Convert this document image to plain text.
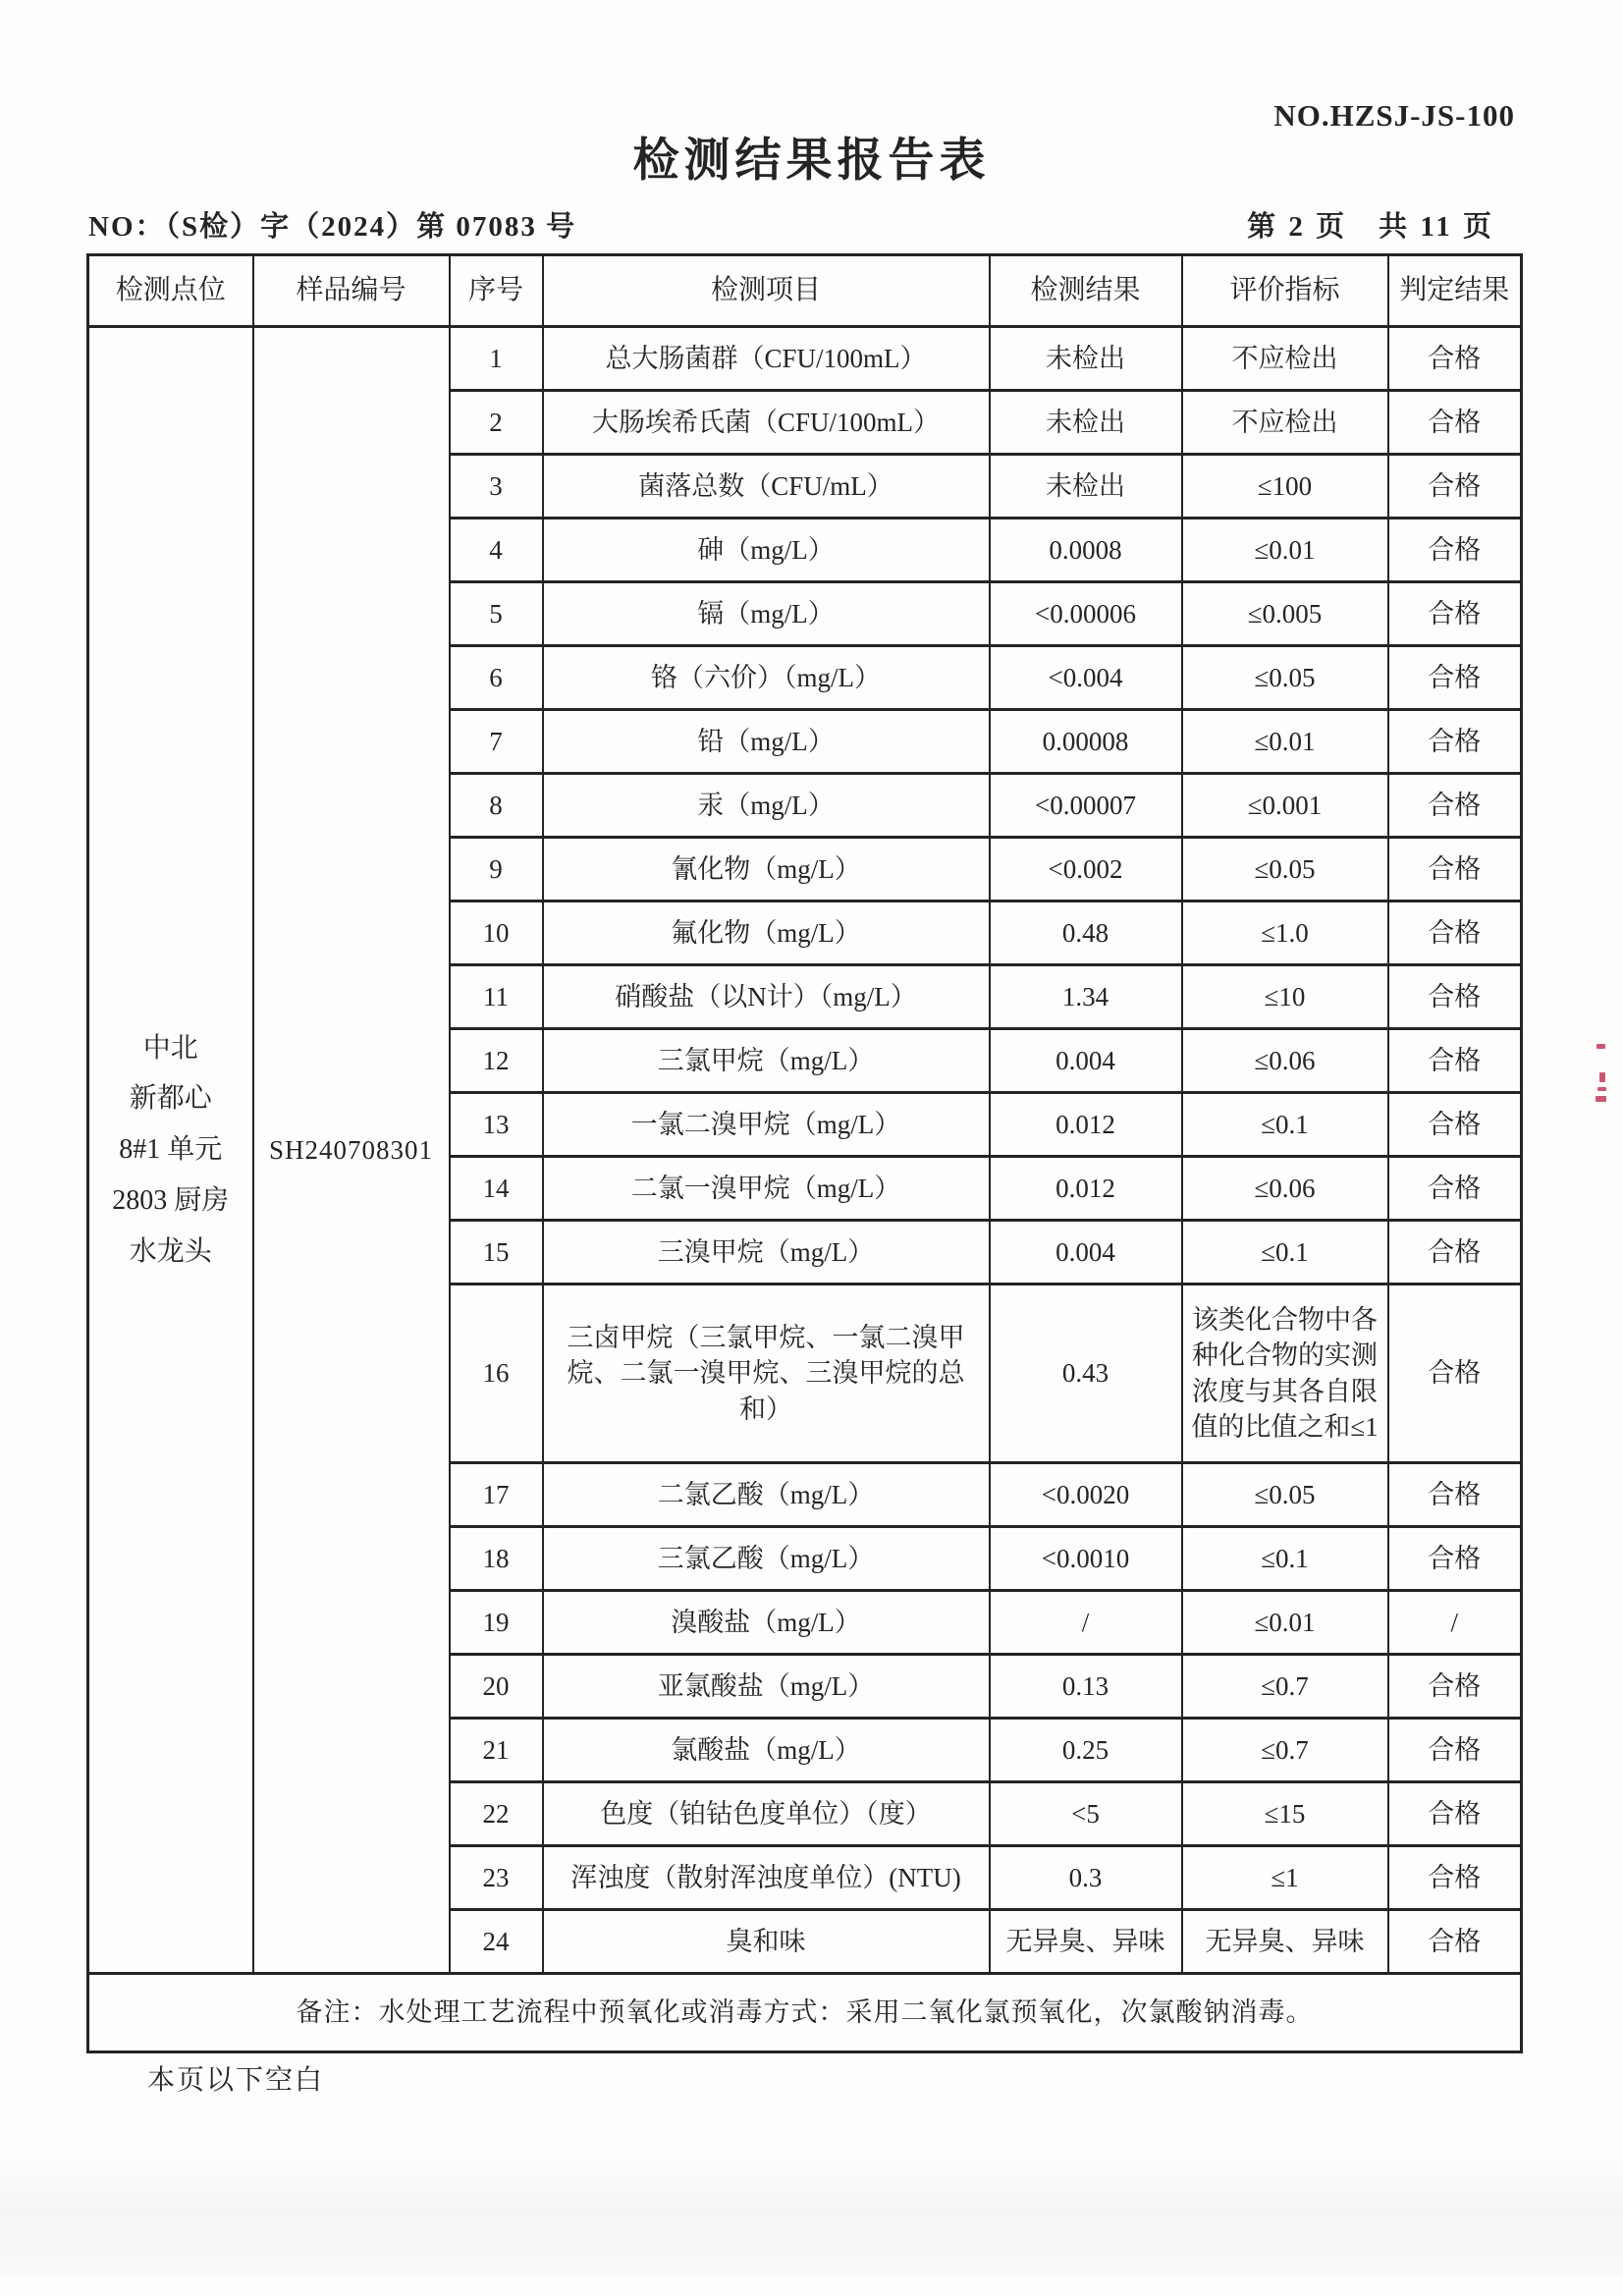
NO.HZSJ-JS-100
检测结果报告表
NO：（S检）字（2024）第 07083 号	第 2 页　共 11 页
检测点位	样品编号	序号	检测项目	检测结果	评价指标	判定结果

中北
新都心
8#1 单元
2803 厨房
水龙头	SH240708301	1	总大肠菌群（CFU/100mL）	未检出	不应检出	合格
		2	大肠埃希氏菌（CFU/100mL）	未检出	不应检出	合格
		3	菌落总数（CFU/mL）	未检出	≤100	合格
		4	砷（mg/L）	0.0008	≤0.01	合格
		5	镉（mg/L）	<0.00006	≤0.005	合格
		6	铬（六价）（mg/L）	<0.004	≤0.05	合格
		7	铅（mg/L）	0.00008	≤0.01	合格
		8	汞（mg/L）	<0.00007	≤0.001	合格
		9	氰化物（mg/L）	<0.002	≤0.05	合格
		10	氟化物（mg/L）	0.48	≤1.0	合格
		11	硝酸盐（以N计）（mg/L）	1.34	≤10	合格
		12	三氯甲烷（mg/L）	0.004	≤0.06	合格
		13	一氯二溴甲烷（mg/L）	0.012	≤0.1	合格
		14	二氯一溴甲烷（mg/L）	0.012	≤0.06	合格
		15	三溴甲烷（mg/L）	0.004	≤0.1	合格
		16	三卤甲烷（三氯甲烷、一氯二溴甲烷、二氯一溴甲烷、三溴甲烷的总和）	0.43	该类化合物中各种化合物的实测浓度与其各自限值的比值之和≤1	合格
		17	二氯乙酸（mg/L）	<0.0020	≤0.05	合格
		18	三氯乙酸（mg/L）	<0.0010	≤0.1	合格
		19	溴酸盐（mg/L）	/	≤0.01	/
		20	亚氯酸盐（mg/L）	0.13	≤0.7	合格
		21	氯酸盐（mg/L）	0.25	≤0.7	合格
		22	色度（铂钴色度单位）（度）	<5	≤15	合格
		23	浑浊度（散射浑浊度单位）(NTU)	0.3	≤1	合格
		24	臭和味	无异臭、异味	无异臭、异味	合格
备注：水处理工艺流程中预氧化或消毒方式：采用二氧化氯预氧化，次氯酸钠消毒。						
本页以下空白
